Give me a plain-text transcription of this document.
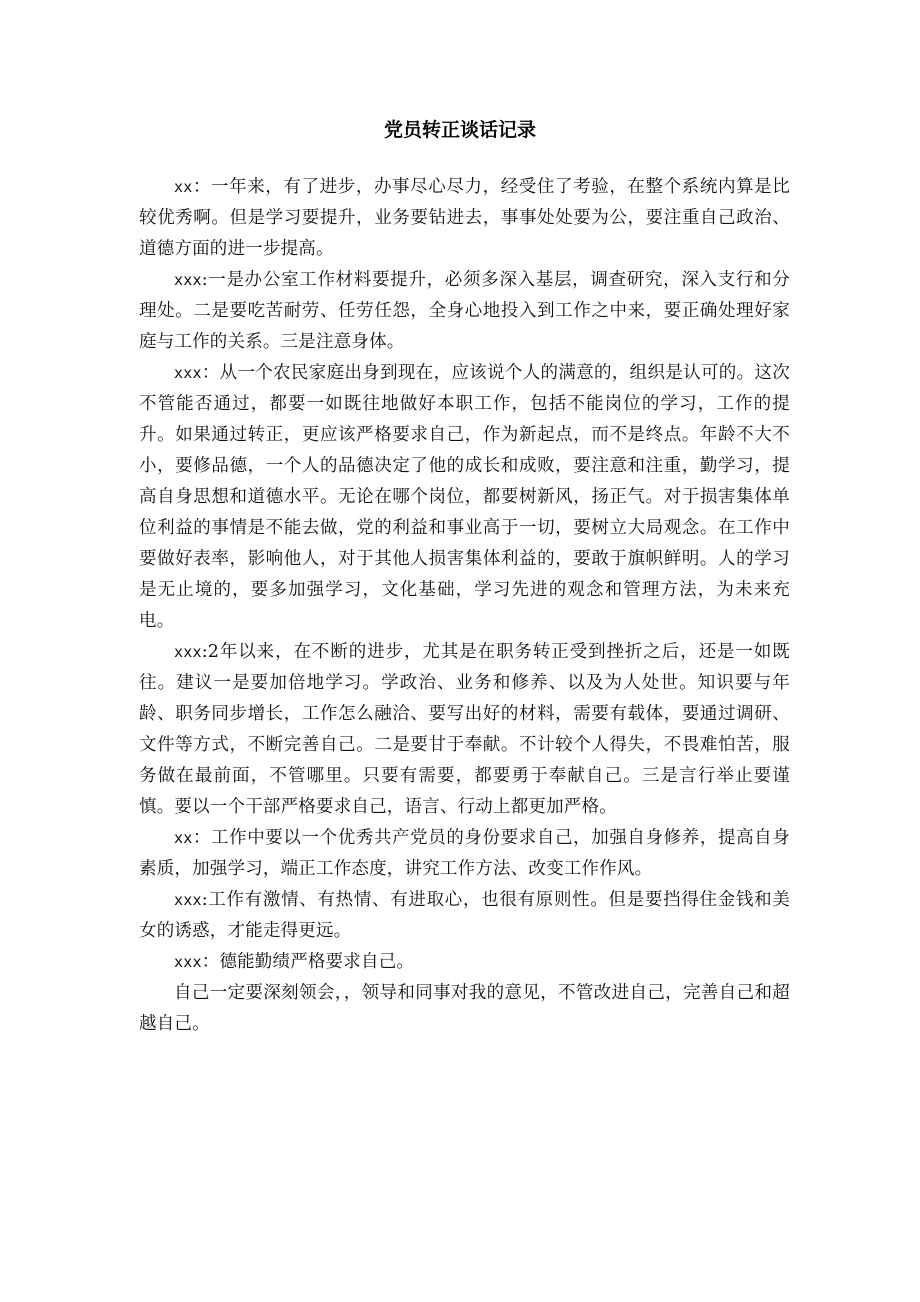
党员转正谈话记录

xx：一年来，有了进步，办事尽心尽力，经受住了考验，在整个系统内算是比较优秀啊。但是学习要提升，业务要钻进去，事事处处要为公，要注重自己政治、道德方面的进一步提高。

xxx:一是办公室工作材料要提升，必须多深入基层，调查研究，深入支行和分理处。二是要吃苦耐劳、任劳任怨，全身心地投入到工作之中来，要正确处理好家庭与工作的关系。三是注意身体。

xxx：从一个农民家庭出身到现在，应该说个人的满意的，组织是认可的。这次不管能否通过，都要一如既往地做好本职工作，包括不能岗位的学习，工作的提升。如果通过转正，更应该严格要求自己，作为新起点，而不是终点。年龄不大不小，要修品德，一个人的品德决定了他的成长和成败，要注意和注重，勤学习，提高自身思想和道德水平。无论在哪个岗位，都要树新风，扬正气。对于损害集体单位利益的事情是不能去做，党的利益和事业高于一切，要树立大局观念。在工作中要做好表率，影响他人，对于其他人损害集体利益的，要敢于旗帜鲜明。人的学习是无止境的，要多加强学习，文化基础，学习先进的观念和管理方法，为未来充电。

xxx:2年以来，在不断的进步，尤其是在职务转正受到挫折之后，还是一如既往。建议一是要加倍地学习。学政治、业务和修养、以及为人处世。知识要与年龄、职务同步增长，工作怎么融洽、要写出好的材料，需要有载体，要通过调研、文件等方式，不断完善自己。二是要甘于奉献。不计较个人得失，不畏难怕苦，服务做在最前面，不管哪里。只要有需要，都要勇于奉献自己。三是言行举止要谨慎。要以一个干部严格要求自己，语言、行动上都更加严格。

xx：工作中要以一个优秀共产党员的身份要求自己，加强自身修养，提高自身素质，加强学习，端正工作态度，讲究工作方法、改变工作作风。

xxx:工作有激情、有热情、有进取心，也很有原则性。但是要挡得住金钱和美女的诱惑，才能走得更远。

xxx：德能勤绩严格要求自己。

自己一定要深刻领会，，领导和同事对我的意见，不管改进自己，完善自己和超越自己。
